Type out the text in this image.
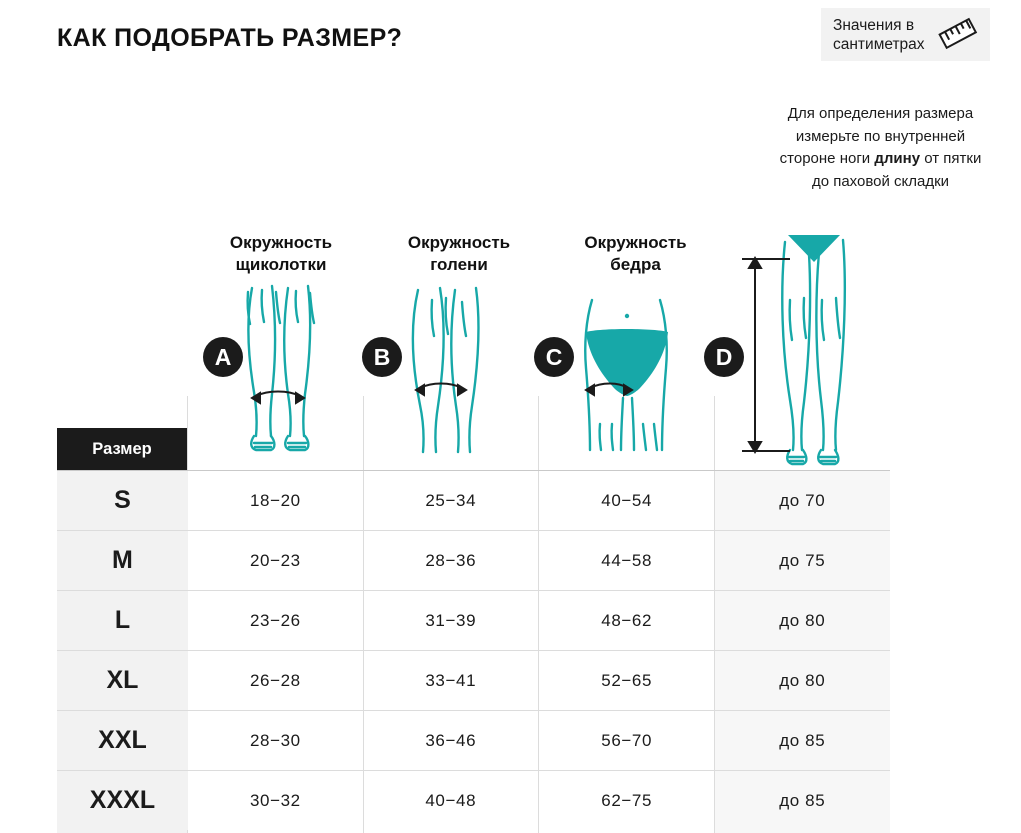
КАК ПОДОБРАТЬ РАЗМЕР?	Значения в сантиметрах
Для определения размера измерьте по внутренней стороне ноги длину от пятки до паховой складки
Окружность
щиколотки
Окружность
голени
Окружность
бедра
A	B	C	D
Размер
S	18−20	25−34	40−54	до 70
M	20−23	28−36	44−58	до 75
L	23−26	31−39	48−62	до 80
XL	26−28	33−41	52−65	до 80
XXL	28−30	36−46	56−70	до 85
XXXL	30−32	40−48	62−75	до 85
